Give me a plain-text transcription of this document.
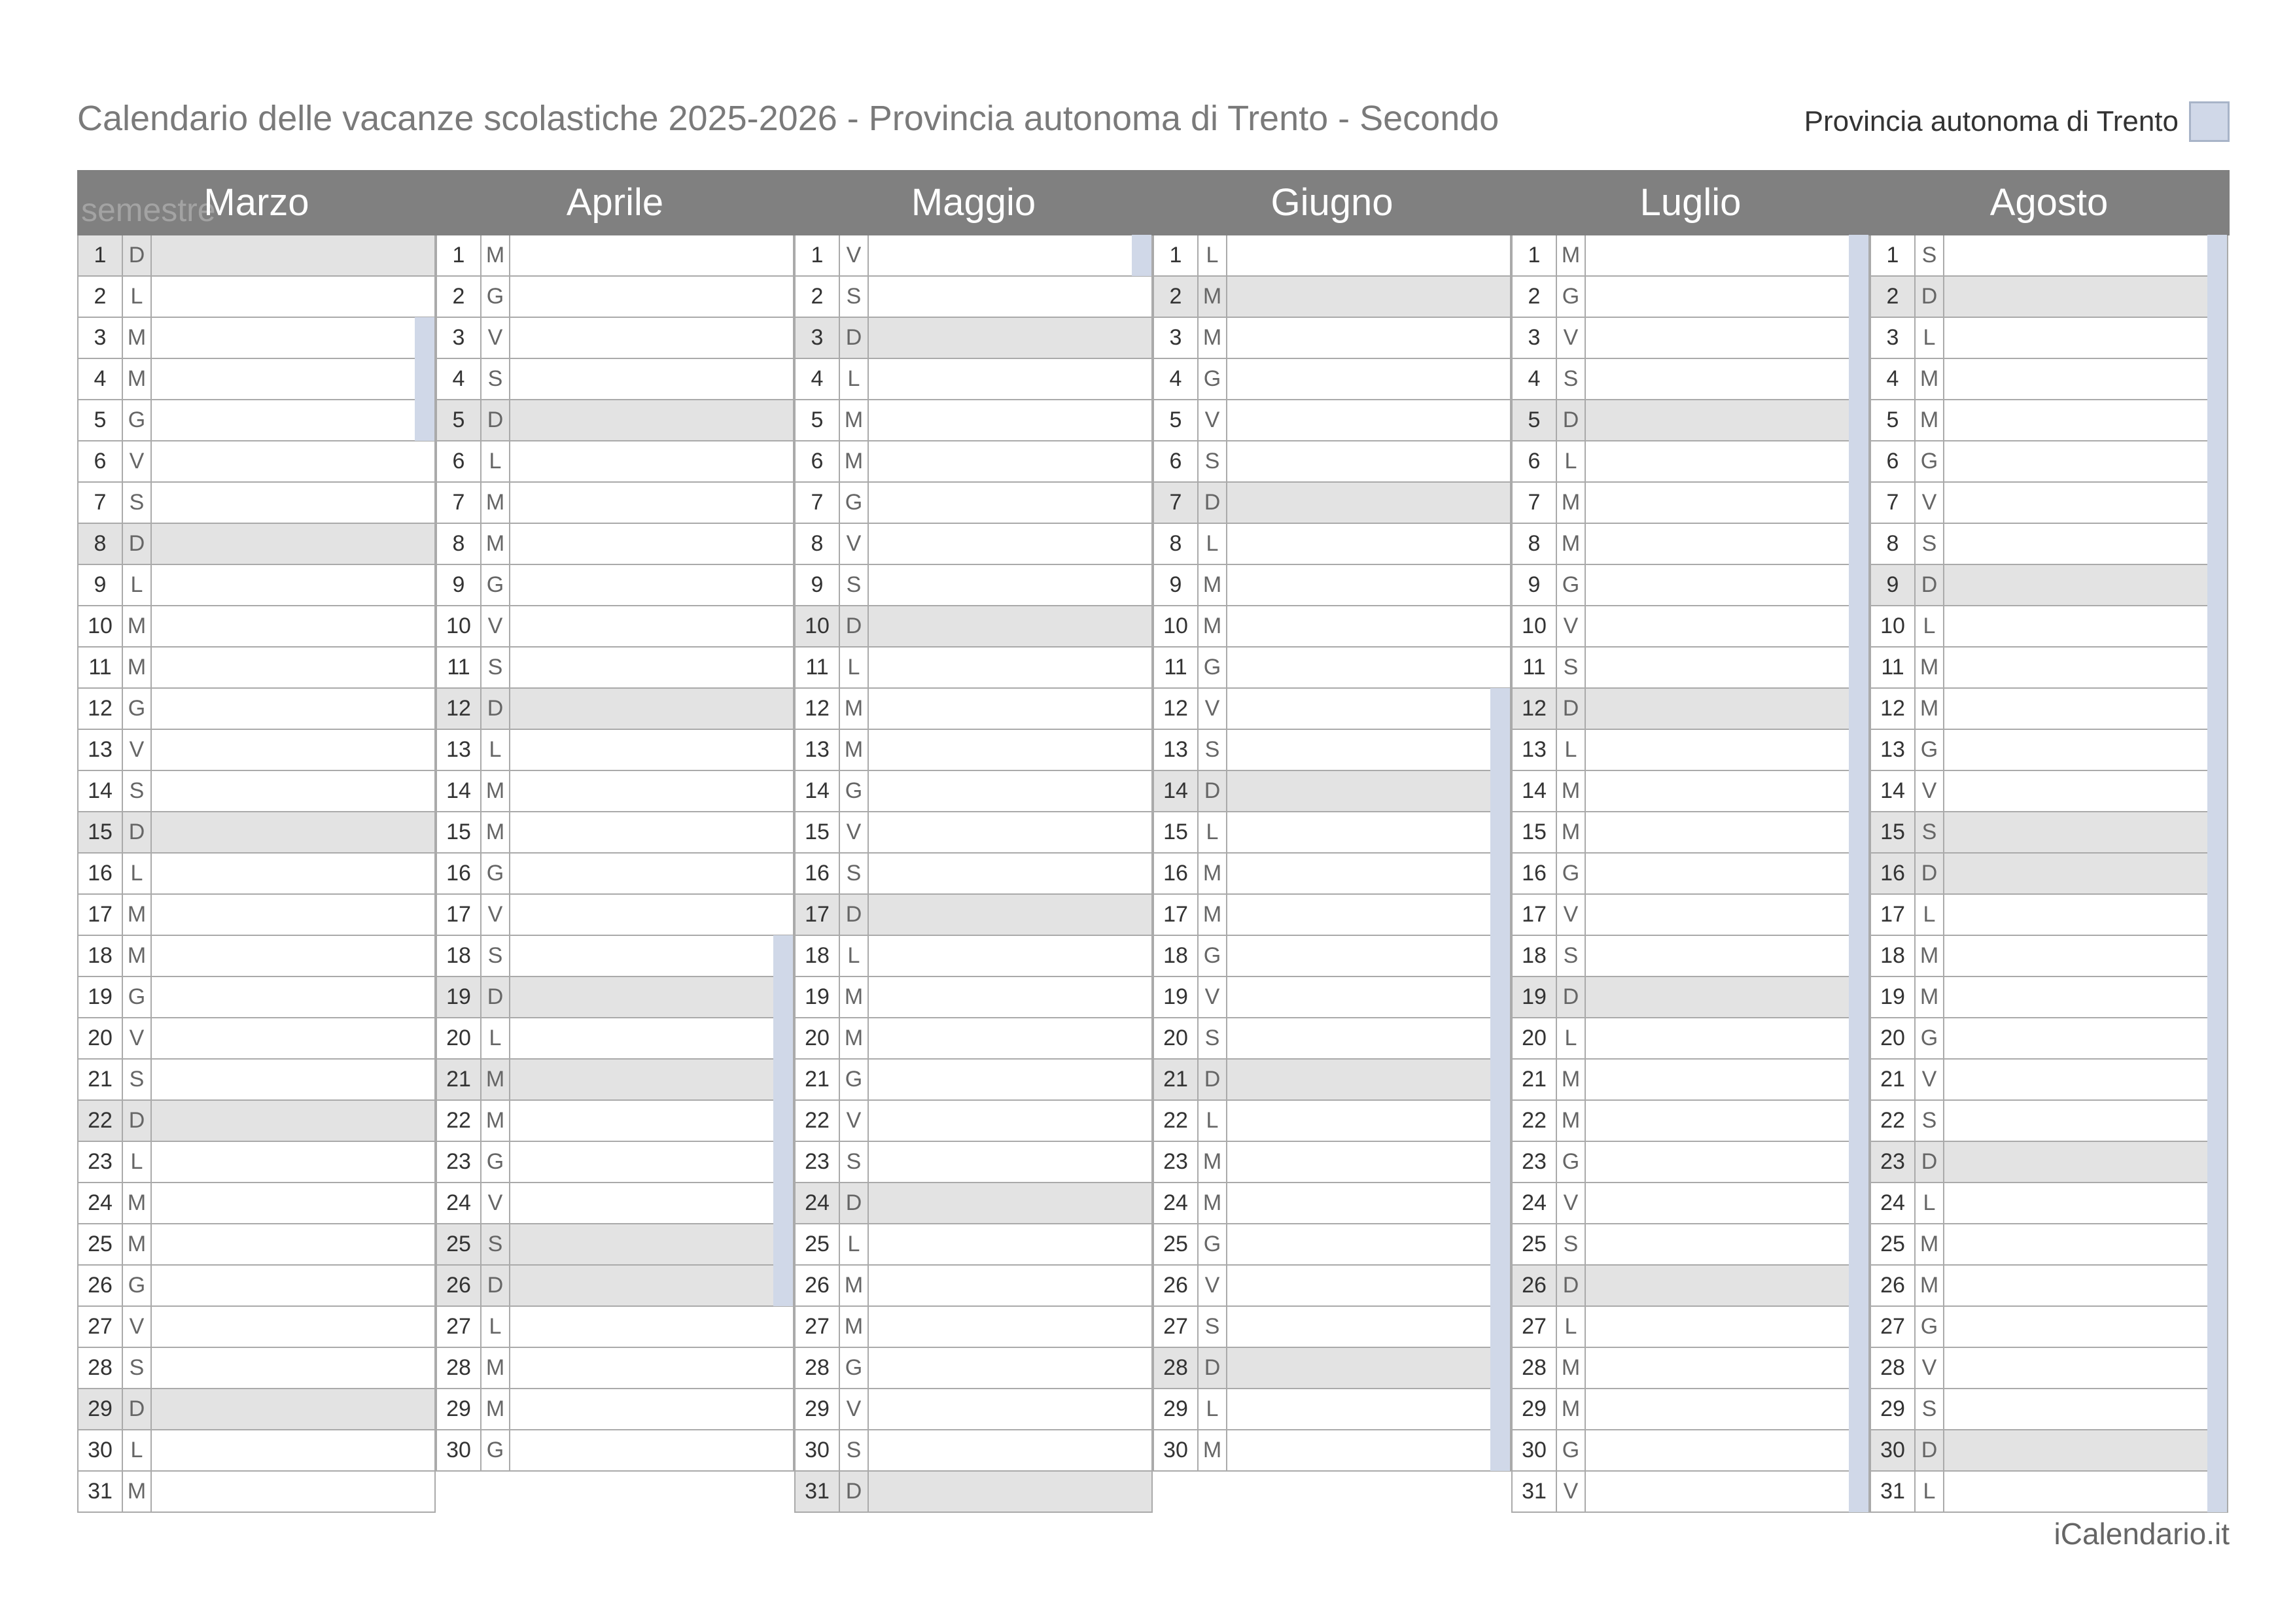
Calendario delle vacanze scolastiche 2025-2026 - Provincia autonoma di Trento - Secondo
semestre
Provincia autonoma di Trento
Marzo
1	D
2	L
3 M
4 M
5 G
6	V
7	S
8	D
9	L
10 M
11 M
12 G
13 V
14 S
15 D
16 L
17 M
18 M
19 G
20 V
21 S
22 D
23 L
24 M
25 M
26 G
27 V
28 S
29 D
30 L
31 M
Aprile
1 M
2 G
3	V
4	S
5	D
6	L
7 M
8 M
9 G
10 V
11 S
12 D
13 L
14 M
15 M
16 G
17 V
18 S
19 D
20 L
21 M
22 M
23 G
24 V
25 S
26 D
27 L
28 M
29 M
30 G
Maggio
1	V
2	S
3	D
4	L
5 M
6 M
7 G
8	V
9	S
10 D
11 L
12 M
13 M
14 G
15 V
16 S
17 D
18 L
19 M
20 M
21 G
22 V
23 S
24 D
25 L
26 M
27 M
28 G
29 V
30 S
31 D
Giugno
1	L
2 M
3 M
4 G
5	V
6	S
7	D
8	L
9 M
10 M
11 G
12 V
13 S
14 D
15 L
16 M
17 M
18 G
19 V
20 S
21 D
22 L
23 M
24 M
25 G
26 V
27 S
28 D
29 L
30 M
Luglio
1 M
2 G
3	V
4	S
5	D
6	L
7 M
8 M
9 G
10 V
11 S
12 D
13 L
14 M
15 M
16 G
17 V
18 S
19 D
20 L
21 M
22 M
23 G
24 V
25 S
26 D
27 L
28 M
29 M
30 G
31 V
Agosto
1	S
2	D
3	L
4 M
5 M
6 G
7	V
8	S
9	D
10 L
11 M
12 M
13 G
14 V
15 S
16 D
17 L
18 M
19 M
20 G
21 V
22 S
23 D
24 L
25 M
26 M
27 G
28 V
29 S
30 D
31 L
iCalendario.it
